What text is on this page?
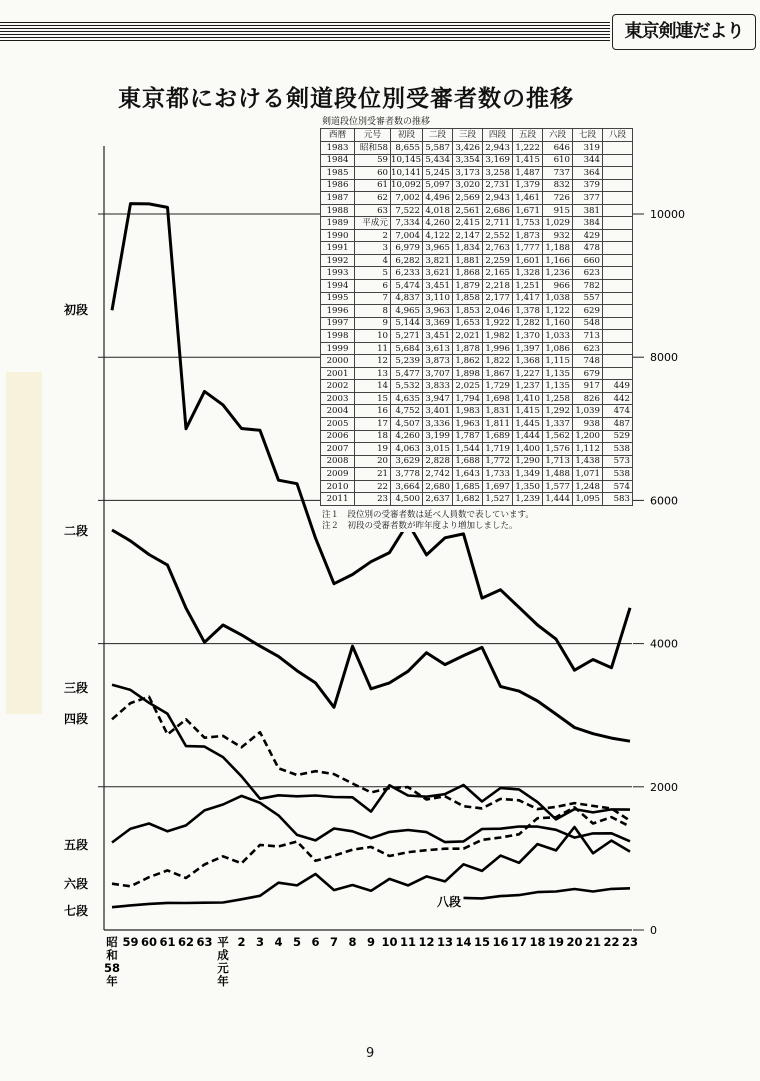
東京剣連だより
東京都における剣道段位別受審者数の推移
初段
二段
三段
四段
五段
六段
七段
八段
0
2000
4000
6000
8000
10000
昭和 58 年
59 60 61 62 63 平成元年
2 3 4 5 6 7 8 9 10 11 12 13 14 15 16 17 18 19 20 21 22 23
剣道段位別受審者数の推移
西暦	元号	初段	二段	三段	四段	五段	六段	七段	八段
1983	昭和58	8,655	5,587	3,426	2,943	1,222	646	319	
1984	59	10,145	5,434	3,354	3,169	1,415	610	344	
1985	60	10,141	5,245	3,173	3,258	1,487	737	364	
1986	61	10,092	5,097	3,020	2,731	1,379	832	379	
1987	62	7,002	4,496	2,569	2,943	1,461	726	377	
1988	63	7,522	4,018	2,561	2,686	1,671	915	381	
1989	平成元	7,334	4,260	2,415	2,711	1,753	1,029	384	
1990	2	7,004	4,122	2,147	2,552	1,873	932	429	
1991	3	6,979	3,965	1,834	2,763	1,777	1,188	478	
1992	4	6,282	3,821	1,881	2,259	1,601	1,166	660	
1993	5	6,233	3,621	1,868	2,165	1,328	1,236	623	
1994	6	5,474	3,451	1,879	2,218	1,251	966	782	
1995	7	4,837	3,110	1,858	2,177	1,417	1,038	557	
1996	8	4,965	3,963	1,853	2,046	1,378	1,122	629	
1997	9	5,144	3,369	1,653	1,922	1,282	1,160	548	
1998	10	5,271	3,451	2,021	1,982	1,370	1,033	713	
1999	11	5,684	3,613	1,878	1,996	1,397	1,086	623	
2000	12	5,239	3,873	1,862	1,822	1,368	1,115	748	
2001	13	5,477	3,707	1,898	1,867	1,227	1,135	679	
2002	14	5,532	3,833	2,025	1,729	1,237	1,135	917	449
2003	15	4,635	3,947	1,794	1,698	1,410	1,258	826	442
2004	16	4,752	3,401	1,983	1,831	1,415	1,292	1,039	474
2005	17	4,507	3,336	1,963	1,811	1,445	1,337	938	487
2006	18	4,260	3,199	1,787	1,689	1,444	1,562	1,200	529
2007	19	4,063	3,015	1,544	1,719	1,400	1,576	1,112	538
2008	20	3,629	2,828	1,688	1,772	1,290	1,713	1,438	573
2009	21	3,778	2,742	1,643	1,733	1,349	1,488	1,071	538
2010	22	3,664	2,680	1,685	1,697	1,350	1,577	1,248	574
2011	23	4,500	2,637	1,682	1,527	1,239	1,444	1,095	583
注１　段位別の受審者数は延べ人員数で表しています。
注２　初段の受審者数が昨年度より増加しました。
9
